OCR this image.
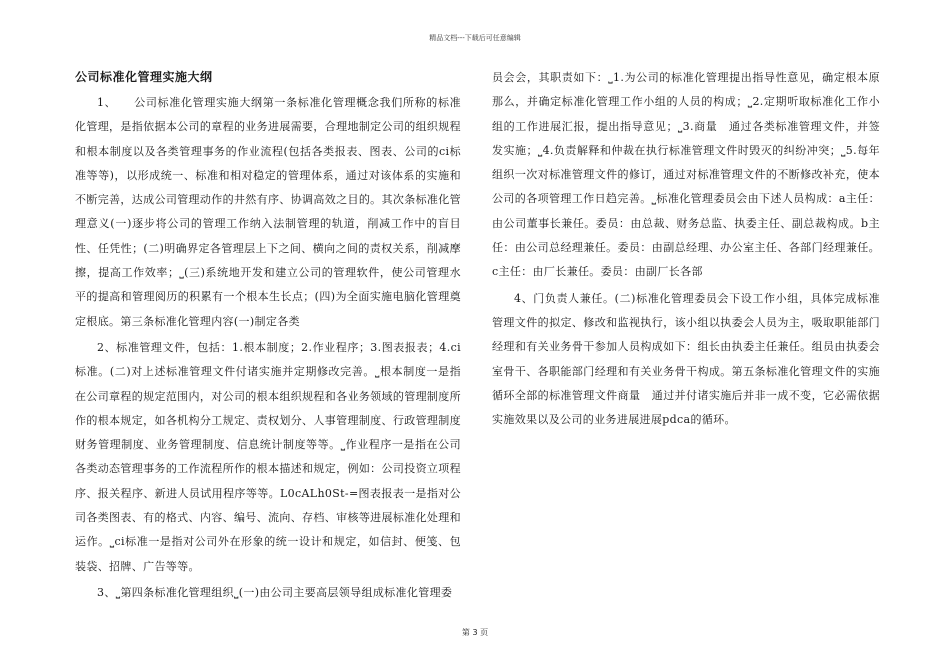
精品文档---下载后可任意编辑
公司标准化管理实施大纲

1、　　公司标准化管理实施大纲第一条标准化管理概念我们所称的标准化管理，是指依据本公司的章程的业务进展需要，合理地制定公司的组织规程和根本制度以及各类管理事务的作业流程(包括各类报表、图表、公司的ci标准等等)，以形成统一、标准和相对稳定的管理体系，通过对该体系的实施和不断完善，达成公司管理动作的井然有序、协调高效之目的。其次条标准化管理意义(一)逐步将公司的管理工作纳入法制管理的轨道，削减工作中的盲目性、任凭性；(二)明确界定各管理层上下之间、横向之间的责权关系，削减摩擦，提高工作效率；⎵(三)系统地开发和建立公司的管理软件，使公司管理水平的提高和管理阅历的积累有一个根本生长点；(四)为全面实施电脑化管理奠定根底。第三条标准化管理内容(一)制定各类

2、标准管理文件，包括：1.根本制度；2.作业程序；3.图表报表；4.ci标准。(二)对上述标准管理文件付诸实施并定期修改完善。⎵根本制度一是指在公司章程的规定范围内，对公司的根本组织规程和各业务领域的管理制度所作的根本规定，如各机构分工规定、责权划分、人事管理制度、行政管理制度财务管理制度、业务管理制度、信息统计制度等等。⎵作业程序一是指在公司各类动态管理事务的工作流程所作的根本描述和规定，例如：公司投资立项程序、报关程序、新进人员试用程序等等。L0cALh0St-=图表报表一是指对公司各类图表、有的格式、内容、编号、流向、存档、审核等进展标准化处理和运作。⎵ci标准一是指对公司外在形象的统一设计和规定，如信封、便笺、包装袋、招牌、广告等等。

3、⎵第四条标准化管理组织⎵(一)由公司主要高层领导组成标准化管理委

员会会，其职责如下：⎵1.为公司的标准化管理提出指导性意见，确定根本原那么，并确定标准化管理工作小组的人员的构成；⎵2.定期听取标准化工作小组的工作进展汇报，提出指导意见；⎵3.商量　通过各类标准管理文件，并签发实施；⎵4.负责解释和仲裁在执行标准管理文件时毁灭的纠纷冲突；⎵5.每年组织一次对标准管理文件的修订，通过对标准管理文件的不断修改补充，使本公司的各项管理工作日趋完善。⎵标准化管理委员会由下述人员构成：a主任：由公司董事长兼任。委员：由总裁、财务总监、执委主任、副总裁构成。b主任：由公司总经理兼任。委员：由副总经理、办公室主任、各部门经理兼任。c主任：由厂长兼任。委员：由副厂长各部

4、门负责人兼任。(二)标准化管理委员会下设工作小组，具体完成标准管理文件的拟定、修改和监视执行，该小组以执委会人员为主，吸取职能部门经理和有关业务骨干参加人员构成如下：组长由执委主任兼任。组员由执委会室骨干、各职能部门经理和有关业务骨干构成。第五条标准化管理文件的实施循环全部的标准管理文件商量　通过并付诸实施后并非一成不变，它必需依据实施效果以及公司的业务进展进展pdca的循环。

第 3 页
